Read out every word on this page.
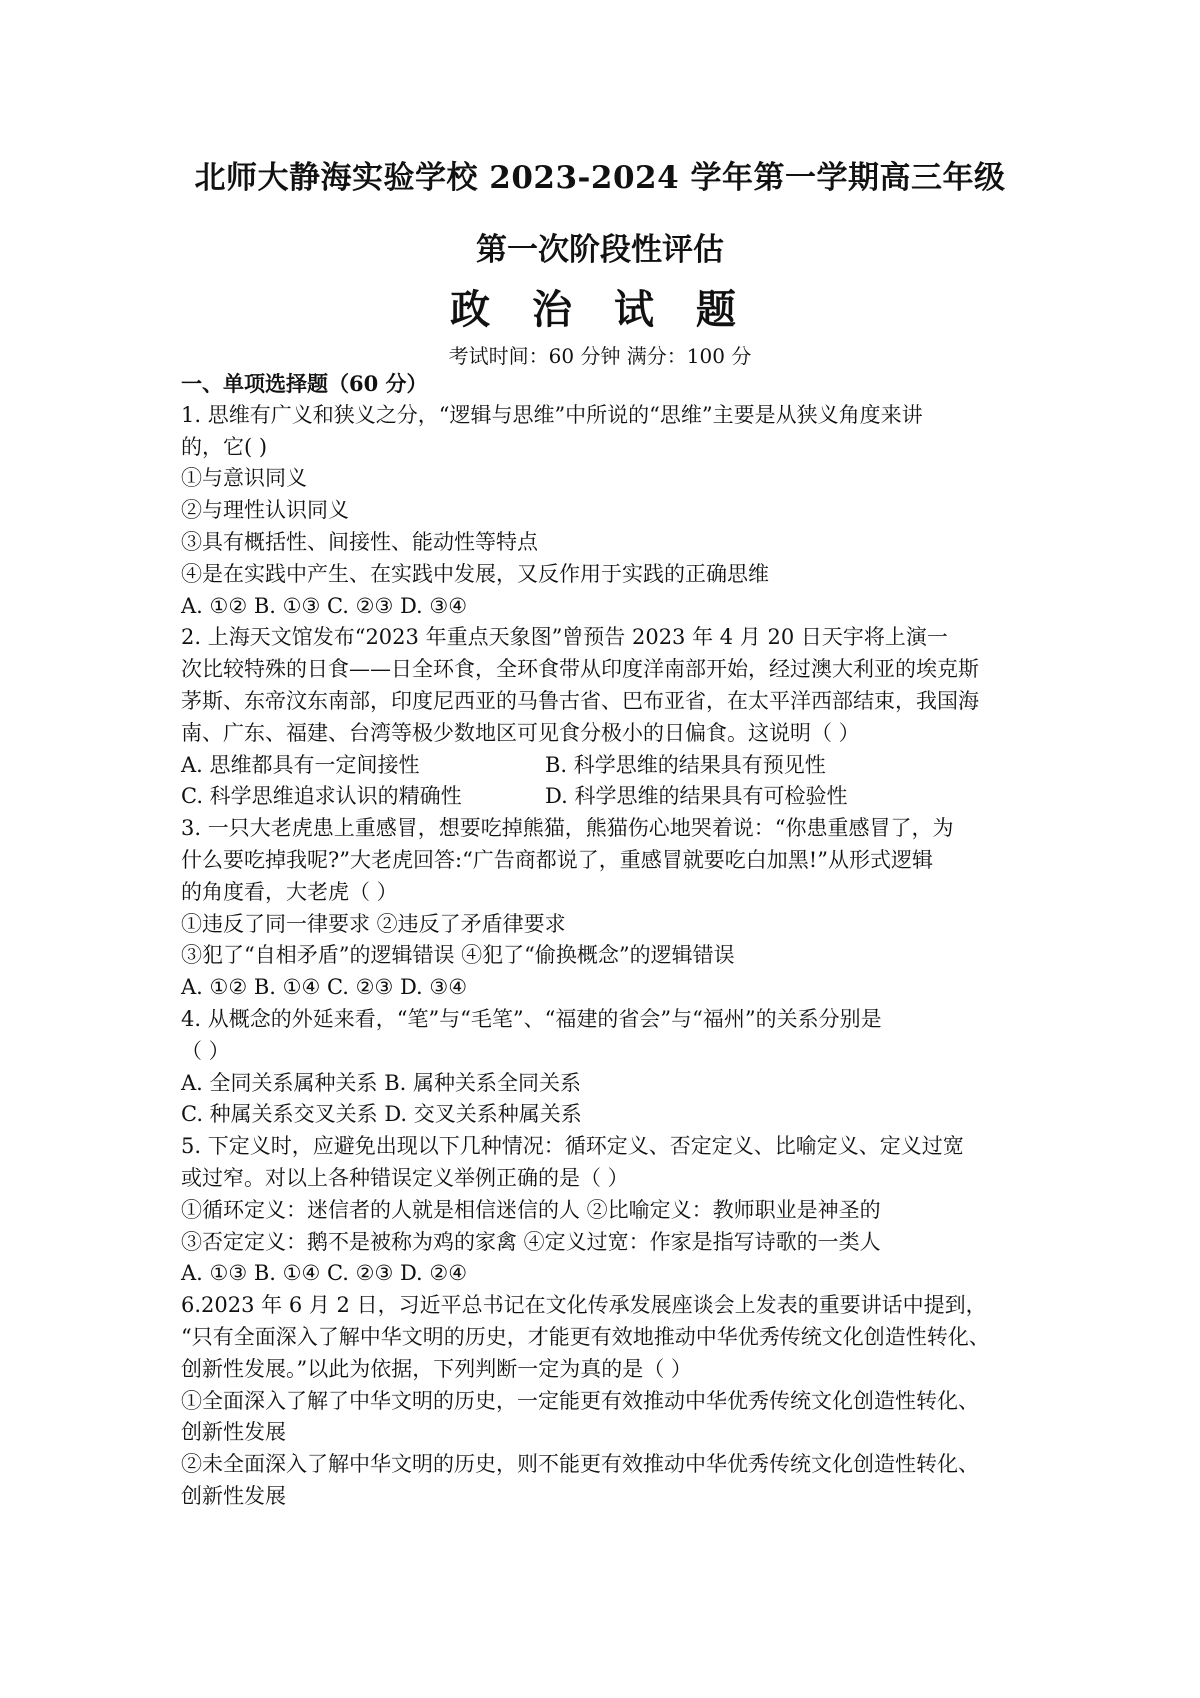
北师大静海实验学校 2023-2024 学年第一学期高三年级
第一次阶段性评估
政 治 试 题
考试时间：60 分钟 满分：100 分
一、单项选择题（60 分）
1. 思维有广义和狭义之分，“逻辑与思维”中所说的“思维”主要是从狭义角度来讲
的，它( )
①与意识同义
②与理性认识同义
③具有概括性、间接性、能动性等特点
④是在实践中产生、在实践中发展，又反作用于实践的正确思维
A. ①② B. ①③ C. ②③ D. ③④
2. 上海天文馆发布“2023 年重点天象图”曾预告 2023 年 4 月 20 日天宇将上演一
次比较特殊的日食——日全环食，全环食带从印度洋南部开始，经过澳大利亚的埃克斯
茅斯、东帝汶东南部，印度尼西亚的马鲁古省、巴布亚省，在太平洋西部结束，我国海
南、广东、福建、台湾等极少数地区可见食分极小的日偏食。这说明（ ）
A. 思维都具有一定间接性	B. 科学思维的结果具有预见性
C. 科学思维追求认识的精确性	D. 科学思维的结果具有可检验性
3. 一只大老虎患上重感冒，想要吃掉熊猫，熊猫伤心地哭着说：“你患重感冒了，为
什么要吃掉我呢?”大老虎回答:“广告商都说了，重感冒就要吃白加黑!”从形式逻辑
的角度看，大老虎（ ）
①违反了同一律要求 ②违反了矛盾律要求
③犯了“自相矛盾”的逻辑错误 ④犯了“偷换概念”的逻辑错误
A. ①② B. ①④ C. ②③ D. ③④
4. 从概念的外延来看，“笔”与“毛笔”、“福建的省会”与“福州”的关系分别是
（ ）
A. 全同关系属种关系 B. 属种关系全同关系
C. 种属关系交叉关系 D. 交叉关系种属关系
5. 下定义时，应避免出现以下几种情况：循环定义、否定定义、比喻定义、定义过宽
或过窄。对以上各种错误定义举例正确的是（ ）
①循环定义：迷信者的人就是相信迷信的人 ②比喻定义：教师职业是神圣的
③否定定义：鹅不是被称为鸡的家禽 ④定义过宽：作家是指写诗歌的一类人
A. ①③ B. ①④ C. ②③ D. ②④
6.2023 年 6 月 2 日，习近平总书记在文化传承发展座谈会上发表的重要讲话中提到，
“只有全面深入了解中华文明的历史，才能更有效地推动中华优秀传统文化创造性转化、
创新性发展。”以此为依据，下列判断一定为真的是（ ）
①全面深入了解了中华文明的历史，一定能更有效推动中华优秀传统文化创造性转化、
创新性发展
②未全面深入了解中华文明的历史，则不能更有效推动中华优秀传统文化创造性转化、
创新性发展
